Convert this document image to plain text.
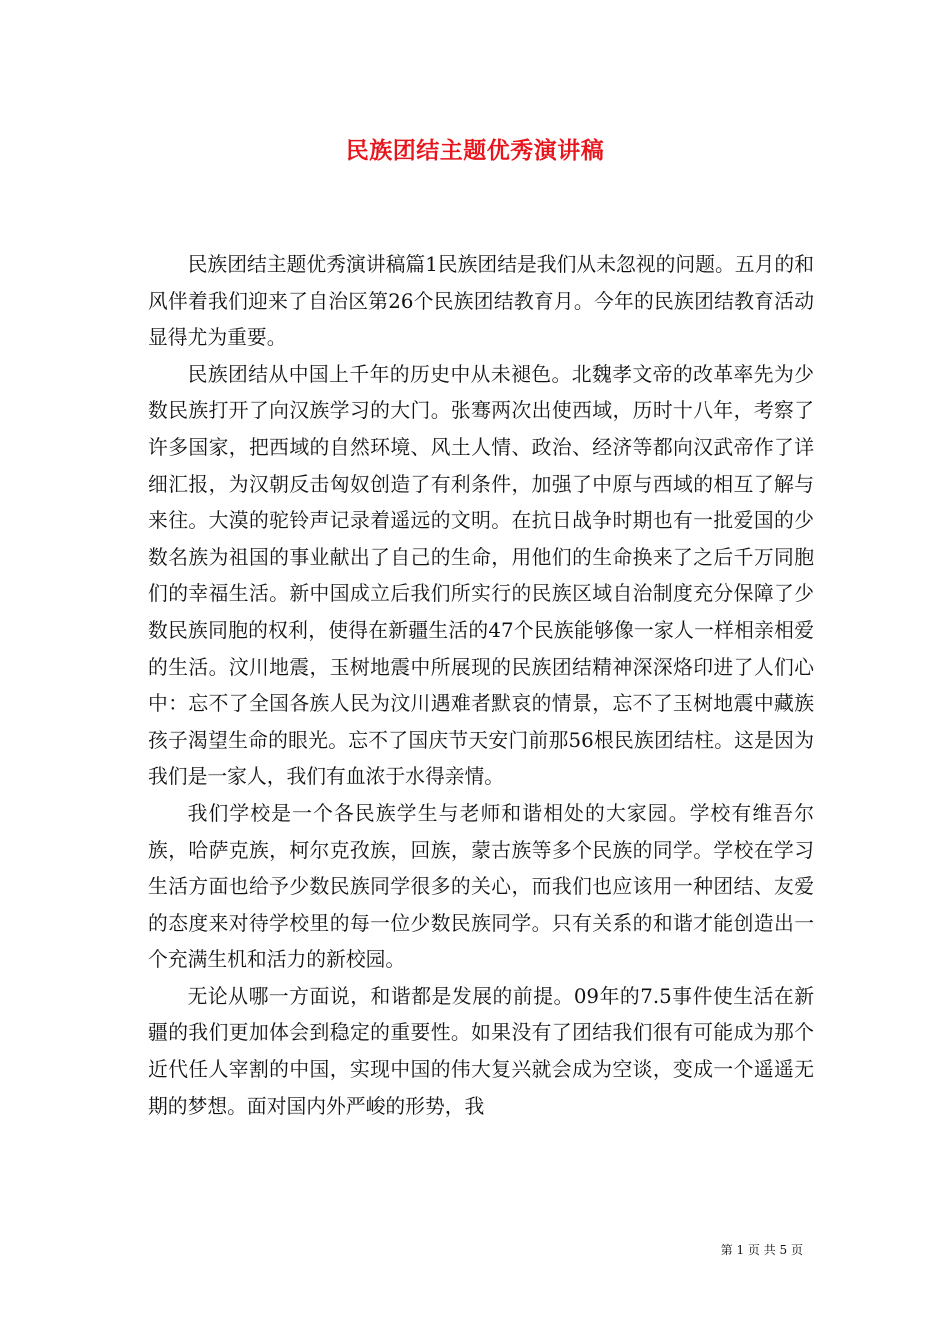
民族团结主题优秀演讲稿

民族团结主题优秀演讲稿篇1民族团结是我们从未忽视的问题。五月的和风伴着我们迎来了自治区第26个民族团结教育月。今年的民族团结教育活动显得尤为重要。

民族团结从中国上千年的历史中从未褪色。北魏孝文帝的改革率先为少数民族打开了向汉族学习的大门。张骞两次出使西域，历时十八年，考察了许多国家，把西域的自然环境、风土人情、政治、经济等都向汉武帝作了详细汇报，为汉朝反击匈奴创造了有利条件，加强了中原与西域的相互了解与来往。大漠的驼铃声记录着遥远的文明。在抗日战争时期也有一批爱国的少数名族为祖国的事业献出了自己的生命，用他们的生命换来了之后千万同胞们的幸福生活。新中国成立后我们所实行的民族区域自治制度充分保障了少数民族同胞的权利，使得在新疆生活的47个民族能够像一家人一样相亲相爱的生活。汶川地震，玉树地震中所展现的民族团结精神深深烙印进了人们心中：忘不了全国各族人民为汶川遇难者默哀的情景，忘不了玉树地震中藏族孩子渴望生命的眼光。忘不了国庆节天安门前那56根民族团结柱。这是因为我们是一家人，我们有血浓于水得亲情。

我们学校是一个各民族学生与老师和谐相处的大家园。学校有维吾尔族，哈萨克族，柯尔克孜族，回族，蒙古族等多个民族的同学。学校在学习生活方面也给予少数民族同学很多的关心，而我们也应该用一种团结、友爱的态度来对待学校里的每一位少数民族同学。只有关系的和谐才能创造出一个充满生机和活力的新校园。

无论从哪一方面说，和谐都是发展的前提。09年的7.5事件使生活在新疆的我们更加体会到稳定的重要性。如果没有了团结我们很有可能成为那个近代任人宰割的中国，实现中国的伟大复兴就会成为空谈，变成一个遥遥无期的梦想。面对国内外严峻的形势，我

第 1 页 共 5 页
